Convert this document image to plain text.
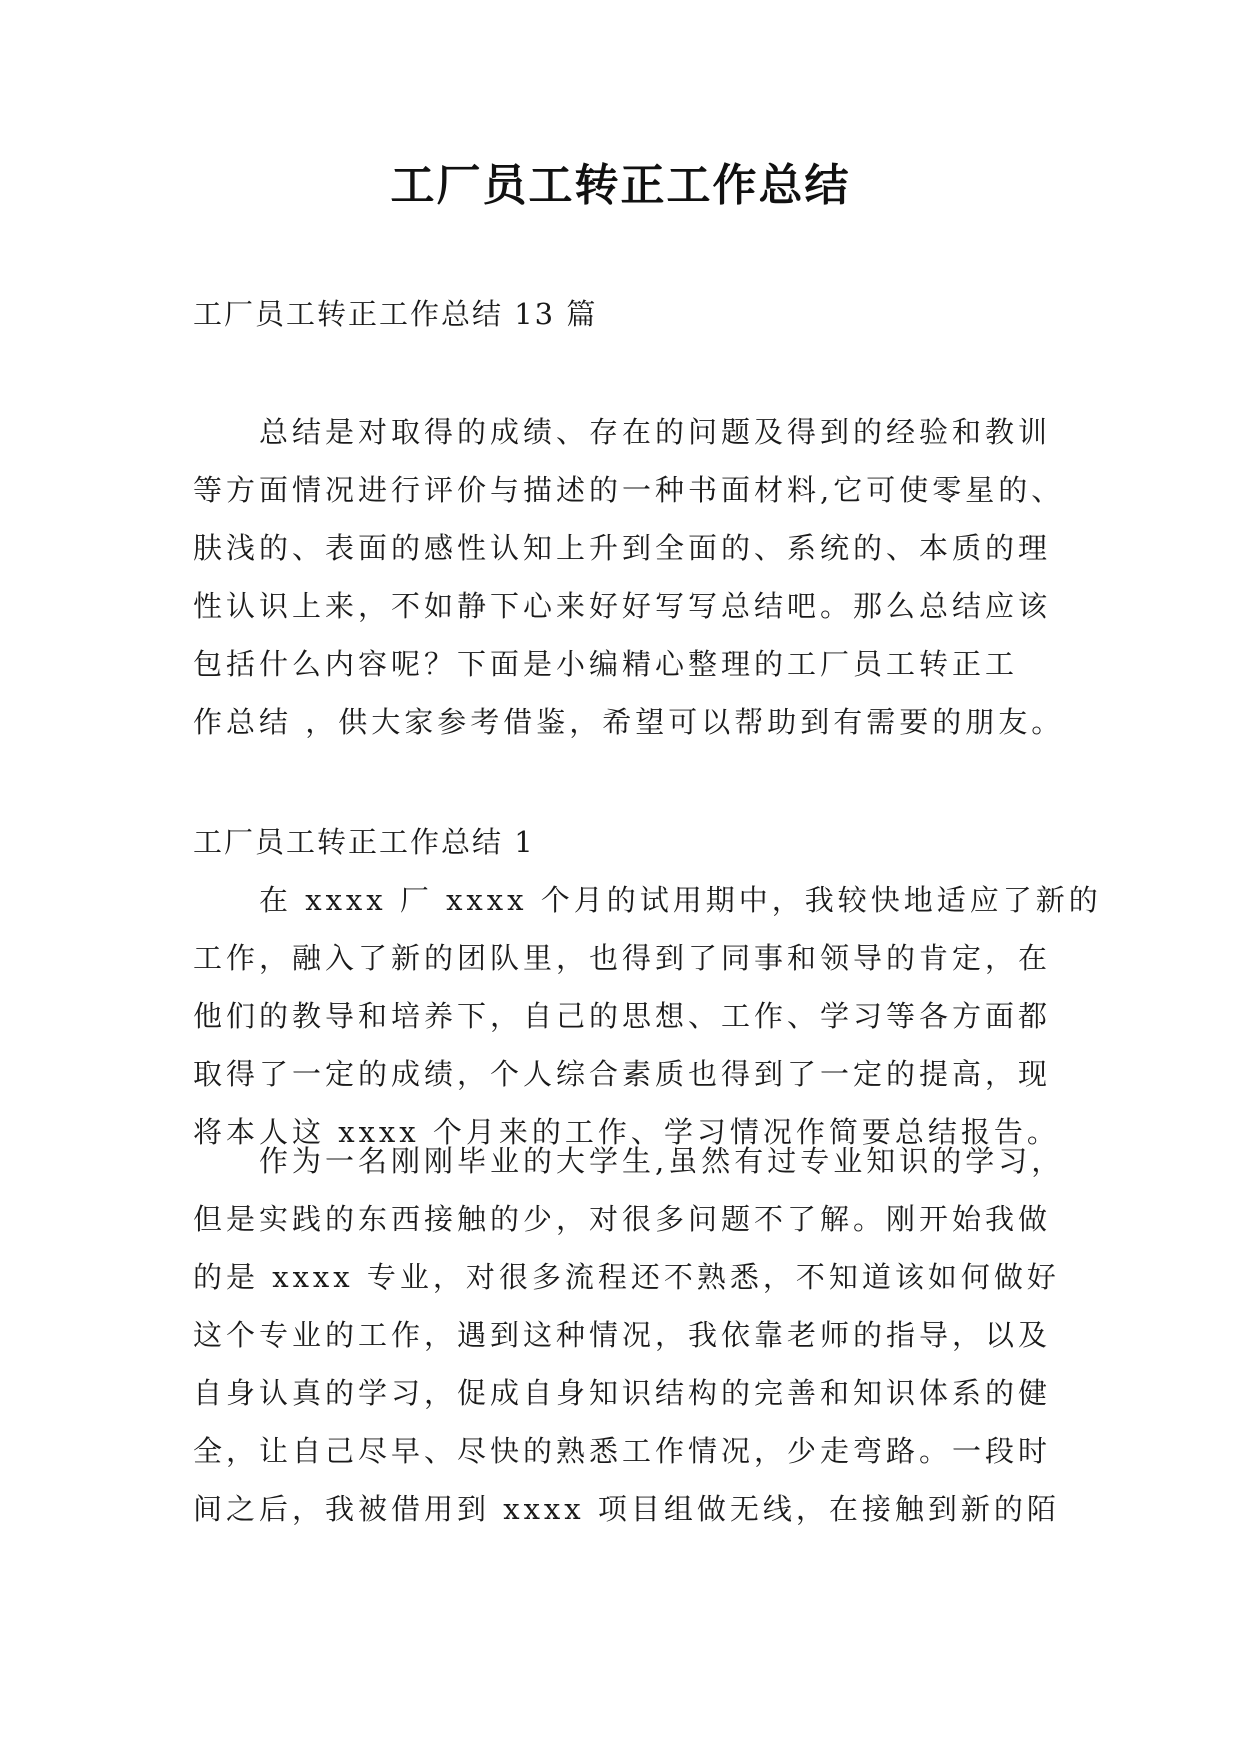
工厂员工转正工作总结
工厂员工转正工作总结 13 篇
总结是对取得的成绩、存在的问题及得到的经验和教训
等方面情况进行评价与描述的一种书面材料,它可使零星的、
肤浅的、表面的感性认知上升到全面的、系统的、本质的理
性认识上来，不如静下心来好好写写总结吧。那么总结应该
包括什么内容呢？下面是小编精心整理的工厂员工转正工
作总结 ，供大家参考借鉴，希望可以帮助到有需要的朋友。
工厂员工转正工作总结 1
在 xxxx 厂 xxxx 个月的试用期中，我较快地适应了新的
工作，融入了新的团队里，也得到了同事和领导的肯定，在
他们的教导和培养下，自己的思想、工作、学习等各方面都
取得了一定的成绩，个人综合素质也得到了一定的提高，现
将本人这 xxxx 个月来的工作、学习情况作简要总结报告。
作为一名刚刚毕业的大学生,虽然有过专业知识的学习，
但是实践的东西接触的少，对很多问题不了解。刚开始我做
的是 xxxx 专业，对很多流程还不熟悉，不知道该如何做好
这个专业的工作，遇到这种情况，我依靠老师的指导，以及
自身认真的学习，促成自身知识结构的完善和知识体系的健
全，让自己尽早、尽快的熟悉工作情况，少走弯路。一段时
间之后，我被借用到 xxxx 项目组做无线，在接触到新的陌
